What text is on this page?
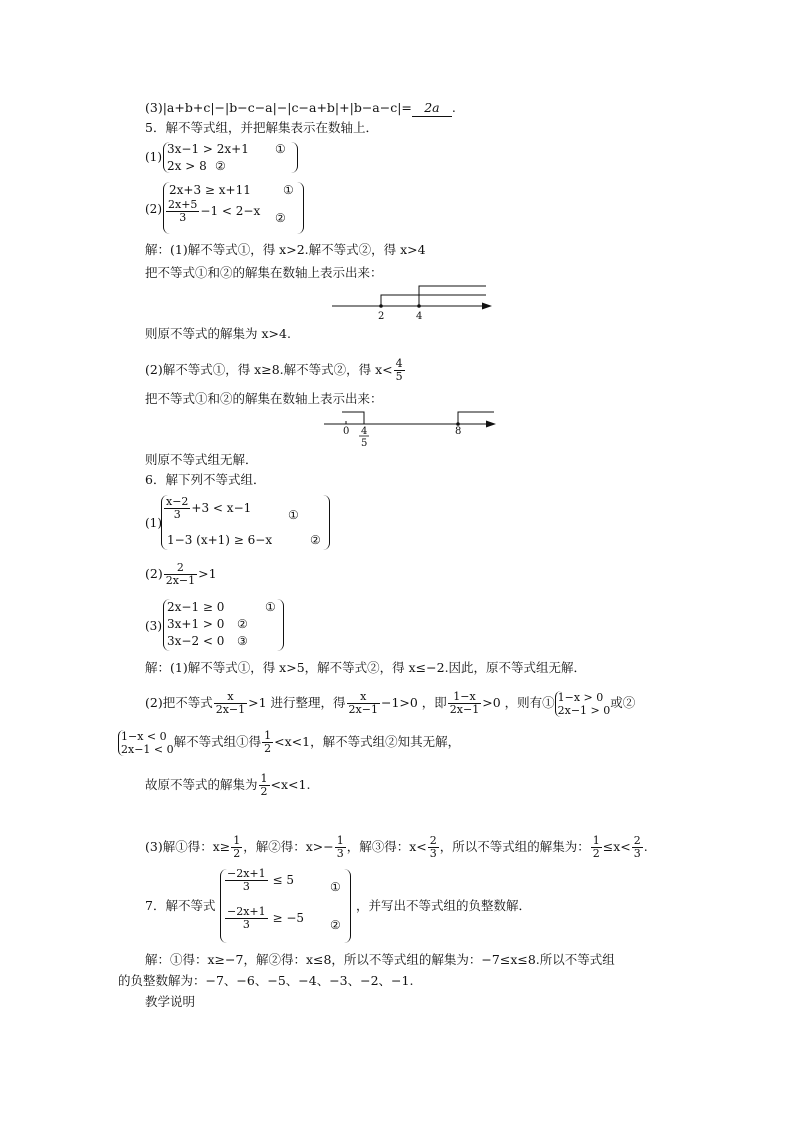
(3)|a+b+c|−|b−c−a|−|c−a+b|+|b−a−c|= 2a .
5．解不等式组，并把解集表示在数轴上．
(1)
3x−1 > 2x+1 ①
2x > 8 ②
(2)
2x+3 ≥ x+11	①
$\frac{2x+5}{3} -1 < 2-x$ ②
解：(1)解不等式①，得 x>2.解不等式②，得 x>4
把不等式①和②的解集在数轴上表示出来：
2	4
则原不等式的解集为 x>4.
(2)解不等式①，得 x≥8.解不等式②，得 $x< \frac{4}{5}$
把不等式①和②的解集在数轴上表示出来：
0 4
5
8
则原不等式组无解．
6．解下列不等式组．
(1)
$\frac{x-2}{3} +3 < x-1$	①
1−3 (x+1) ≥ 6−x	②
$(2) \frac{2}{2x-1} >1$
(3)
2x−1 ≥ 0	①
3x+1 > 0 ②
3x−2 < 0 ③
解：(1)解不等式①，得 x>5，解不等式②，得 x≤−2.因此，原不等式组无解．
(2)把不等式 $\frac{x}{2x-1} >1$ 进行整理，得 $\frac{x}{2x-1} -1>0$ ，即 $\frac{1-x}{2x-1} >0$ ，则有① 1−x > 0
2x−1 > 0 或②
1−x < 0
2x−1 < 0 解不等式组①得 $\frac{1}{2} <x<1$，解不等式组②知其无解，
故原不等式的解集为 $\frac{1}{2} <x<1$.
(3)解①得：$x\ge \frac{1}{2}$ ，解②得：$x>- \frac{1}{3}$ ，解③得：$x< \frac{2}{3}$ ，所以不等式组的解集为： $\frac{1}{2} \le x< \frac{2}{3}$ .
7．解不等式
$\frac{-2x+1}{3} \le 5$	①
$\frac{-2x+1}{3} \ge -5$ ②
，并写出不等式组的负整数解．
解：①得：x≥−7，解②得：x≤8，所以不等式组的解集为：−7≤x≤8.所以不等式组
的负整数解为：−7、−6、−5、−4、−3、−2、−1.
教学说明
